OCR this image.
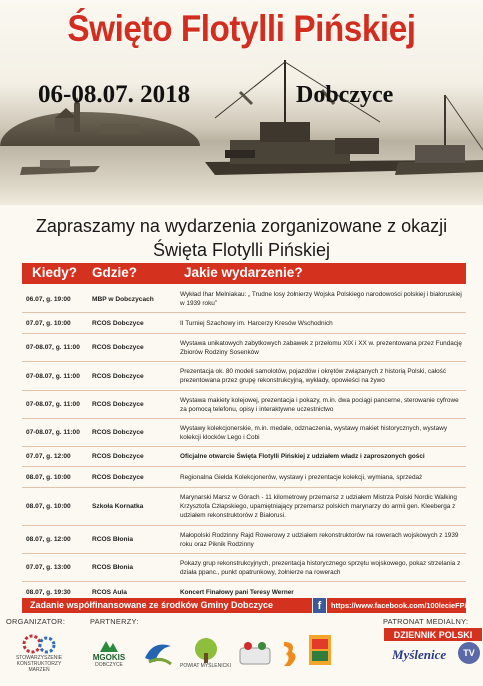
Święto Flotylli Pińskiej
06-08.07. 2018	Dobczyce
Zapraszamy na wydarzenia zorganizowane z okazji
Święta Flotylli Pińskiej
Kiedy? Gdzie?	Jakie wydarzenie?
06.07, g. 19:00	MBP w Dobczycach
Wykład Ihar Melniakau: „ Trudne losy żołnierzy Wojska Polskiego narodowości polskiej i białoruskiej w 1939 roku”
07.07, g. 10:00	RCOS Dobczyce	II Turniej Szachowy im. Harcerzy Kresów Wschodnich
07-08.07, g. 11:00	RCOS Dobczyce
Wystawa unikatowych zabytkowych zabawek z przełomu XIX i XX w. prezentowana przez Fundację Zbiorów Rodziny Sosenków
07-08.07, g. 11:00	RCOS Dobczyce
Prezentacja ok. 80 modeli samolotów, pojazdów i okrętów związanych z historią Polski, całość prezentowana przez grupę rekonstrukcyjną, wykłady, opowieści na żywo
07-08.07, g. 11:00	RCOS Dobczyce
Wystawa makiety kolejowej, prezentacja i pokazy, m.in. dwa pociągi pancerne, sterowanie cyfrowe za pomocą telefonu, opisy i interaktywne uczestnictwo
07-08.07, g. 11:00	RCOS Dobczyce
Wystawy kolekcjonerskie, m.in. medale, odznaczenia, wystawy makiet historycznych, wystawy kolekcji klocków Lego i Cobi
07.07, g. 12:00	RCOS Dobczyce	Oficjalne otwarcie Święta Flotylli Pińskiej z udziałem władz i zaproszonych gości
08.07, g. 10:00	RCOS Dobczyce	Regionalna Giełda Kolekcjonerów, wystawy i prezentacje kolekcji, wymiana, sprzedaż
08.07, g. 10:00	Szkoła Kornatka
Marynarski Marsz w Górach - 11 kilometrowy przemarsz z udziałem Mistrza Polski Nordic Walking Krzysztofa Człapskiego, upamiętniający przemarsz polskich marynarzy do armii gen. Kleeberga z udziałem rekonstruktorów z Białorusi.
08.07, g. 12:00	RCOS Błonia
Małopolski Rodzinny Rajd Rowerowy z udziałem rekonstruktorów na rowerach wojskowych z 1939 roku oraz Piknik Rodzinny
07.07, g. 13:00	RCOS Błonia
Pokazy grup rekonstrukcyjnych, prezentacja historycznego sprzętu wojskowego, pokaz strzelania z działa ppanc., punkt opatrunkowy, żołnierze na rowerach
08.07, g. 19:30	RCOS Aula	Koncert Finałowy pani Teresy Werner
Zadanie współfinansowane ze środków Gminy Dobczyce	f	https://www.facebook.com/100lecieFP/
ORGANIZATOR:	PARTNERZY:	PATRONAT MEDIALNY:
STOWARZYSZENIE KONSTRUKTORZY MARZEŃ
MGOKIS
DOBCZYCE	POWIAT MYŚLENICKI
DZIENNIK POLSKI
Myślenice	TV
